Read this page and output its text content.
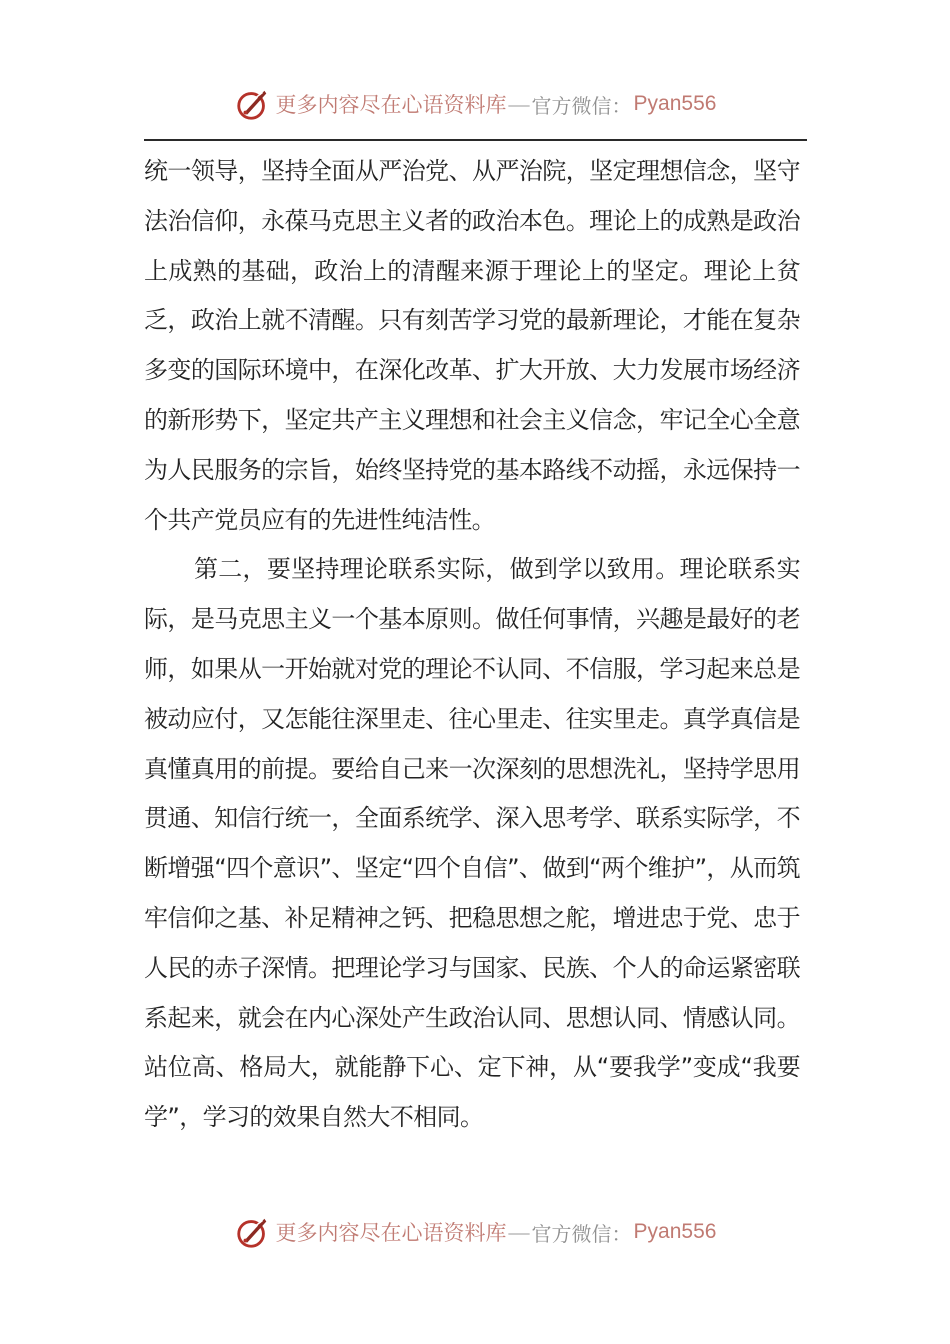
更多内容尽在心语资料库 — 官方微信： Pyan556

统一领导，坚持全面从严治党、从严治院，坚定理想信念，坚守法治信仰，永葆马克思主义者的政治本色。理论上的成熟是政治上成熟的基础，政治上的清醒来源于理论上的坚定。理论上贫乏，政治上就不清醒。只有刻苦学习党的最新理论，才能在复杂多变的国际环境中，在深化改革、扩大开放、大力发展市场经济的新形势下，坚定共产主义理想和社会主义信念，牢记全心全意为人民服务的宗旨，始终坚持党的基本路线不动摇，永远保持一个共产党员应有的先进性纯洁性。

第二，要坚持理论联系实际，做到学以致用。理论联系实际，是马克思主义一个基本原则。做任何事情，兴趣是最好的老师，如果从一开始就对党的理论不认同、不信服，学习起来总是被动应付，又怎能往深里走、往心里走、往实里走。真学真信是真懂真用的前提。要给自己来一次深刻的思想洗礼，坚持学思用贯通、知信行统一，全面系统学、深入思考学、联系实际学，不断增强“四个意识”、坚定“四个自信”、做到“两个维护”，从而筑牢信仰之基、补足精神之钙、把稳思想之舵，增进忠于党、忠于人民的赤子深情。把理论学习与国家、民族、个人的命运紧密联系起来，就会在内心深处产生政治认同、思想认同、情感认同。站位高、格局大，就能静下心、定下神，从“要我学”变成“我要学”，学习的效果自然大不相同。

更多内容尽在心语资料库 — 官方微信： Pyan556
